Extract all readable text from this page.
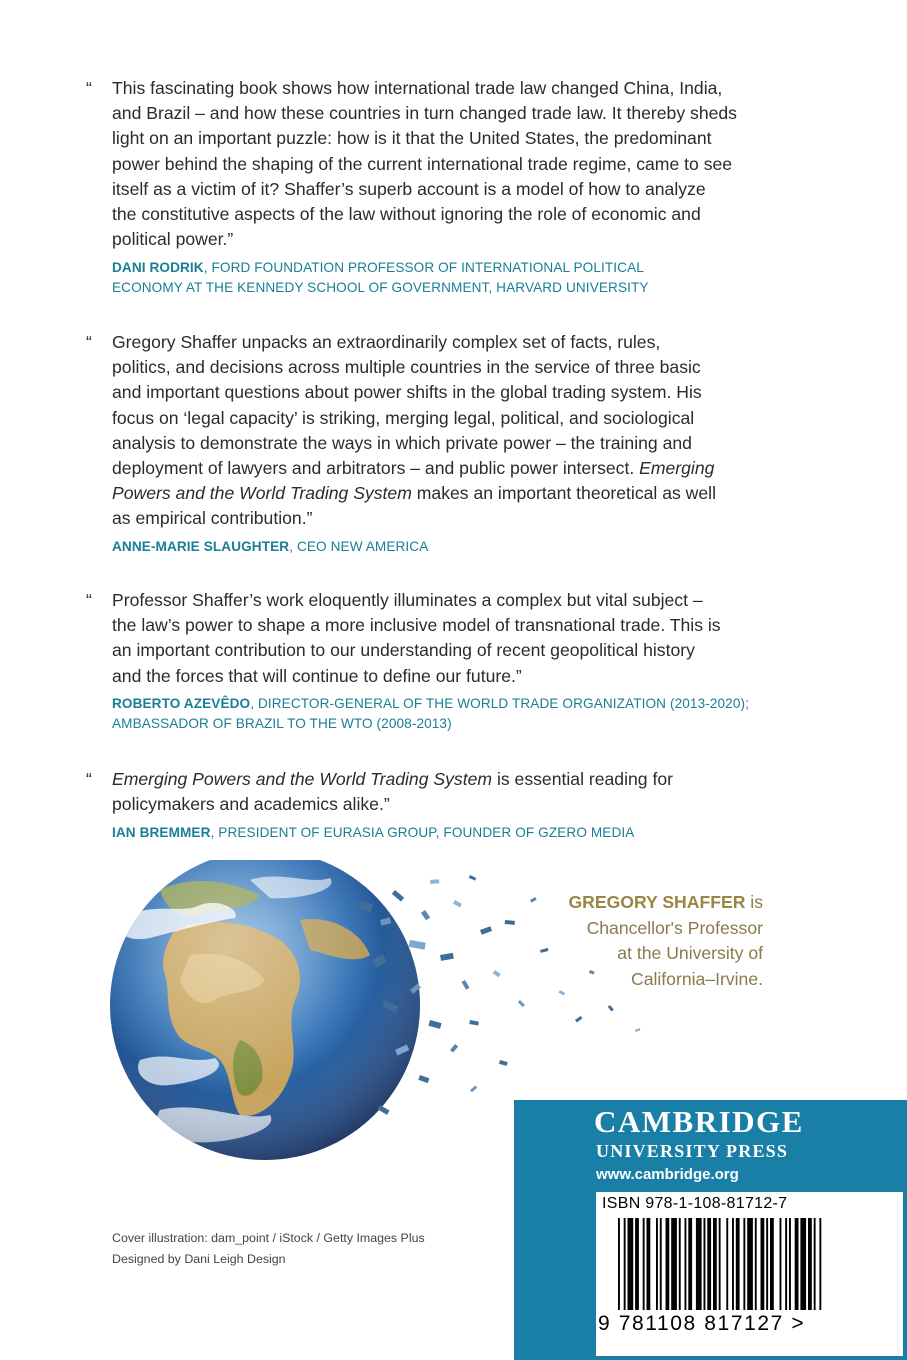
“ This fascinating book shows how international trade law changed China, India,
and Brazil – and how these countries in turn changed trade law. It thereby sheds
light on an important puzzle: how is it that the United States, the predominant
power behind the shaping of the current international trade regime, came to see
itself as a victim of it? Shaffer’s superb account is a model of how to analyze
the constitutive aspects of the law without ignoring the role of economic and
political power.”
DANI RODRIK, FORD FOUNDATION PROFESSOR OF INTERNATIONAL POLITICAL
ECONOMY AT THE KENNEDY SCHOOL OF GOVERNMENT, HARVARD UNIVERSITY
“ Gregory Shaffer unpacks an extraordinarily complex set of facts, rules,
politics, and decisions across multiple countries in the service of three basic
and important questions about power shifts in the global trading system. His
focus on ‘legal capacity’ is striking, merging legal, political, and sociological
analysis to demonstrate the ways in which private power – the training and
deployment of lawyers and arbitrators – and public power intersect. Emerging
Powers and the World Trading System makes an important theoretical as well
as empirical contribution.”
ANNE-MARIE SLAUGHTER, CEO NEW AMERICA
“ Professor Shaffer’s work eloquently illuminates a complex but vital subject –
the law’s power to shape a more inclusive model of transnational trade. This is
an important contribution to our understanding of recent geopolitical history
and the forces that will continue to define our future.”
ROBERTO AZEVÊDO, DIRECTOR-GENERAL OF THE WORLD TRADE ORGANIZATION (2013-2020);
AMBASSADOR OF BRAZIL TO THE WTO (2008-2013)
“ Emerging Powers and the World Trading System is essential reading for
policymakers and academics alike.”
IAN BREMMER, PRESIDENT OF EURASIA GROUP, FOUNDER OF GZERO MEDIA
GREGORY SHAFFER is
Chancellor's Professor
at the University of
California–Irvine.
Cover illustration: dam_point / iStock / Getty Images Plus
Designed by Dani Leigh Design
CAMBRIDGE
UNIVERSITY PRESS
www.cambridge.org
ISBN 978-1-108-81712-7
9 781108 817127 >
